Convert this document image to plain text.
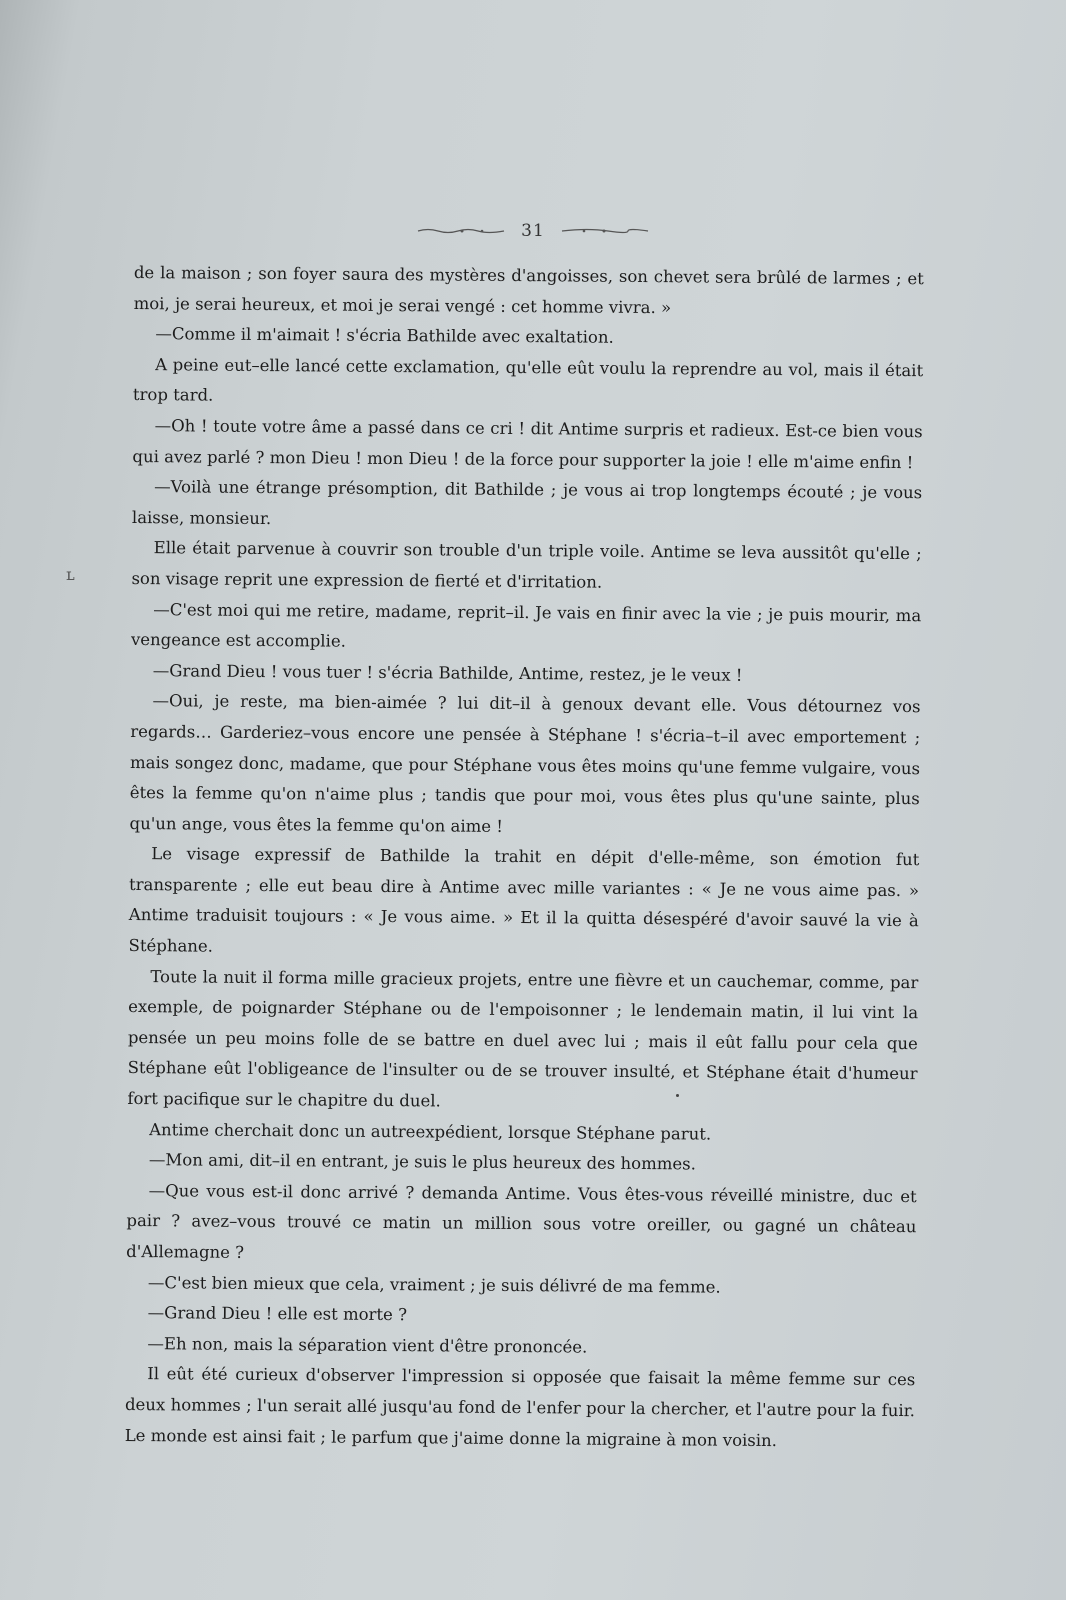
31
ʟ

de la maison ; son foyer saura des mystères d'angoisses, son chevet sera brûlé de larmes ; et moi, je serai heureux, et moi je serai vengé : cet homme vivra. »

—Comme il m'aimait ! s'écria Bathilde avec exaltation.

A peine eut–elle lancé cette exclamation, qu'elle eût voulu la reprendre au vol, mais il était trop tard.

—Oh ! toute votre âme a passé dans ce cri ! dit Antime surpris et radieux. Est-ce bien vous qui avez parlé ? mon Dieu ! mon Dieu ! de la force pour supporter la joie ! elle m'aime enfin !

—Voilà une étrange présomption, dit Bathilde ; je vous ai trop longtemps écouté ; je vous laisse, monsieur.

Elle était parvenue à couvrir son trouble d'un triple voile. Antime se leva aussitôt qu'elle ; son visage reprit une expression de fierté et d'irritation.

—C'est moi qui me retire, madame, reprit–il. Je vais en finir avec la vie ; je puis mourir, ma vengeance est accomplie.

—Grand Dieu ! vous tuer ! s'écria Bathilde, Antime, restez, je le veux !

—Oui, je reste, ma bien-aimée ? lui dit–il à genoux devant elle. Vous détournez vos regards… Garderiez–vous encore une pensée à Stéphane ! s'écria–t–il avec emportement ; mais songez donc, madame, que pour Stéphane vous êtes moins qu'une femme vulgaire, vous êtes la femme qu'on n'aime plus ; tandis que pour moi, vous êtes plus qu'une sainte, plus qu'un ange, vous êtes la femme qu'on aime !

Le visage expressif de Bathilde la trahit en dépit d'elle-même, son émotion fut transparente ; elle eut beau dire à Antime avec mille variantes : « Je ne vous aime pas. » Antime traduisit toujours : « Je vous aime. » Et il la quitta désespéré d'avoir sauvé la vie à Stéphane.

Toute la nuit il forma mille gracieux projets, entre une fièvre et un cauchemar, comme, par exemple, de poignarder Stéphane ou de l'empoisonner ; le lendemain matin, il lui vint la pensée un peu moins folle de se battre en duel avec lui ; mais il eût fallu pour cela que Stéphane eût l'obligeance de l'insulter ou de se trouver insulté, et Stéphane était d'humeur fort pacifique sur le chapitre du duel.

Antime cherchait donc un autreexpédient, lorsque Stéphane parut.

—Mon ami, dit–il en entrant, je suis le plus heureux des hommes.

—Que vous est-il donc arrivé ? demanda Antime. Vous êtes-vous réveillé ministre, duc et pair ? avez–vous trouvé ce matin un million sous votre oreiller, ou gagné un château d'Allemagne ?

—C'est bien mieux que cela, vraiment ; je suis délivré de ma femme.

—Grand Dieu ! elle est morte ?

—Eh non, mais la séparation vient d'être prononcée.

Il eût été curieux d'observer l'impression si opposée que faisait la même femme sur ces deux hommes ; l'un serait allé jusqu'au fond de l'enfer pour la chercher, et l'autre pour la fuir. Le monde est ainsi fait ; le parfum que j'aime donne la migraine à mon voisin.
